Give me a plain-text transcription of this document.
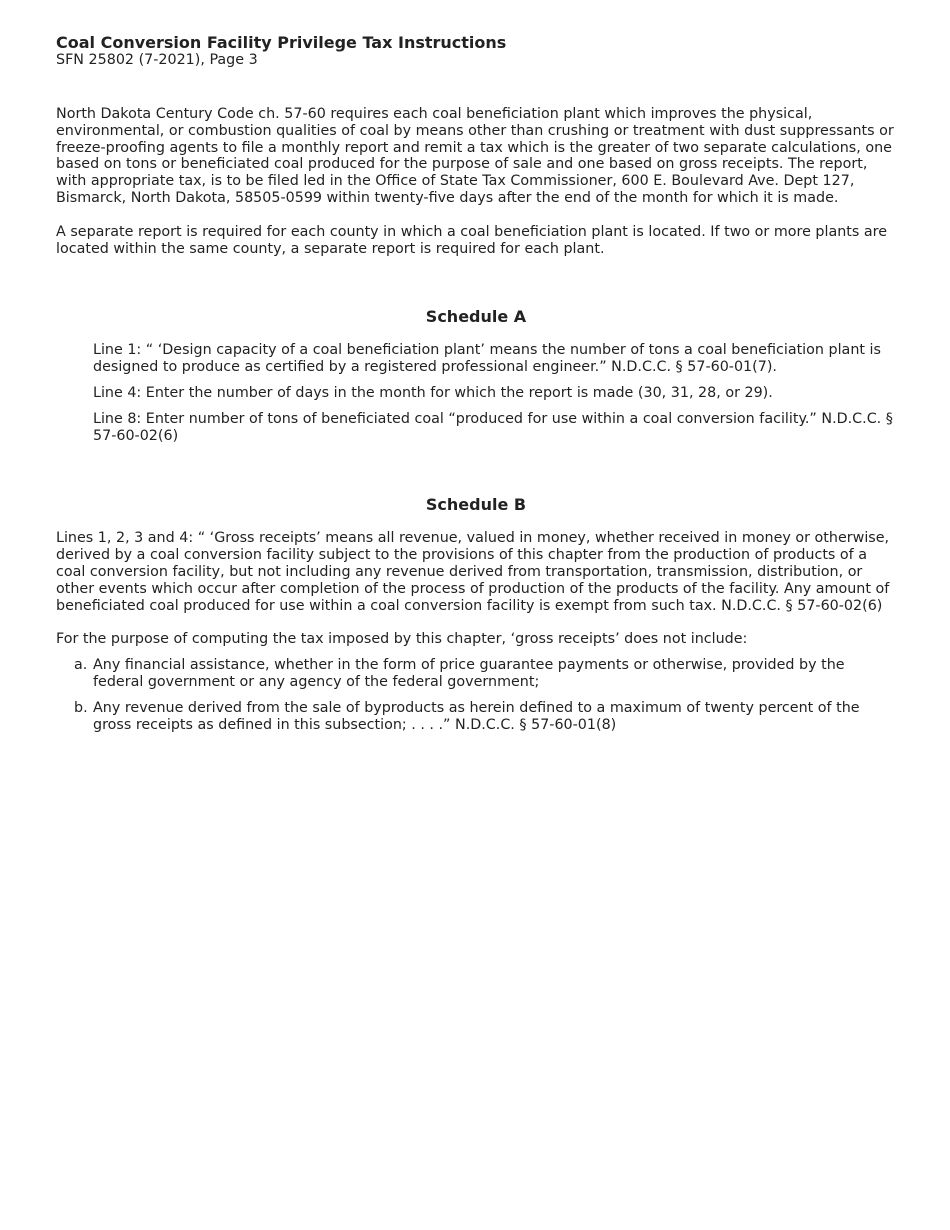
Coal Conversion Facility Privilege Tax Instructions
SFN 25802 (7-2021), Page 3

North Dakota Century Code ch. 57-60 requires each coal beneficiation plant which improves the physical, environmental, or combustion qualities of coal by means other than crushing or treatment with dust suppressants or freeze-proofing agents to file a monthly report and remit a tax which is the greater of two separate calculations, one based on tons or beneficiated coal produced for the purpose of sale and one based on gross receipts. The report, with appropriate tax, is to be filed led in the Office of State Tax Commissioner, 600 E. Boulevard Ave. Dept 127, Bismarck, North Dakota, 58505-0599 within twenty-five days after the end of the month for which it is made.

A separate report is required for each county in which a coal beneficiation plant is located. If two or more plants are located within the same county, a separate report is required for each plant.

Schedule A

Line 1: “ ‘Design capacity of a coal beneficiation plant’ means the number of tons a coal beneficiation plant is designed to produce as certified by a registered professional engineer.” N.D.C.C. § 57-60-01(7).

Line 4: Enter the number of days in the month for which the report is made (30, 31, 28, or 29).

Line 8: Enter number of tons of beneficiated coal “produced for use within a coal conversion facility.” N.D.C.C. § 57-60-02(6)

Schedule B

Lines 1, 2, 3 and 4: “ ‘Gross receipts’ means all revenue, valued in money, whether received in money or otherwise, derived by a coal conversion facility subject to the provisions of this chapter from the production of products of a coal conversion facility, but not including any revenue derived from transportation, transmission, distribution, or other events which occur after completion of the process of production of the products of the facility. Any amount of beneficiated coal produced for use within a coal conversion facility is exempt from such tax. N.D.C.C. § 57-60-02(6)

For the purpose of computing the tax imposed by this chapter, ‘gross receipts’ does not include:

a. Any financial assistance, whether in the form of price guarantee payments or otherwise, provided by the federal government or any agency of the federal government;
b. Any revenue derived from the sale of byproducts as herein defined to a maximum of twenty percent of the gross receipts as defined in this subsection; . . . .” N.D.C.C. § 57-60-01(8)
